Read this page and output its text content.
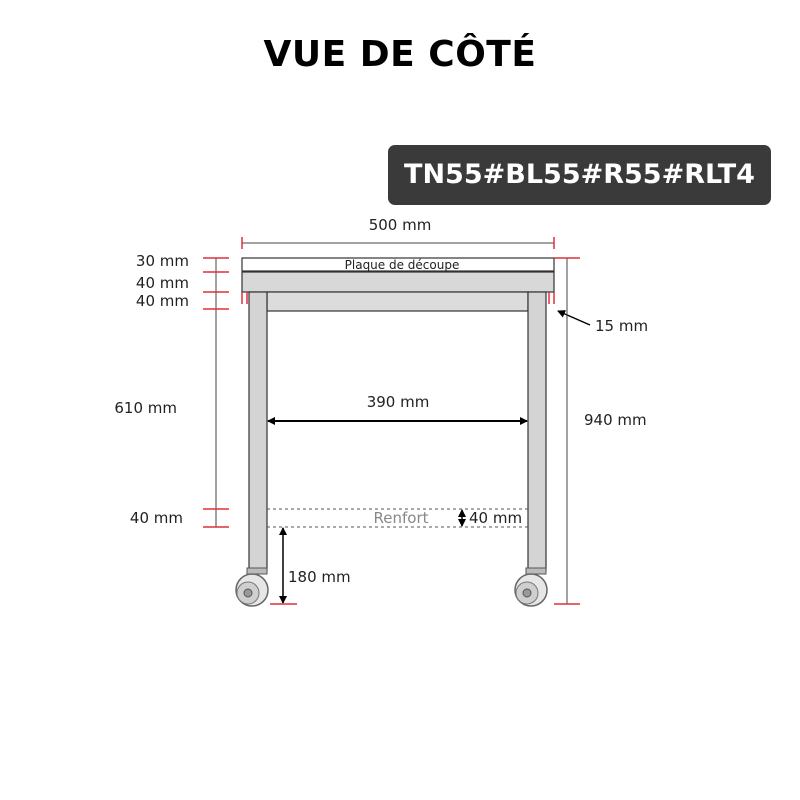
VUE DE CÔTÉ
TN55#BL55#R55#RLT4
500 mm
Plaque de découpe
30 mm
40 mm
40 mm
610 mm
40 mm
15 mm
940 mm
390 mm
Renfort	40 mm
180 mm
